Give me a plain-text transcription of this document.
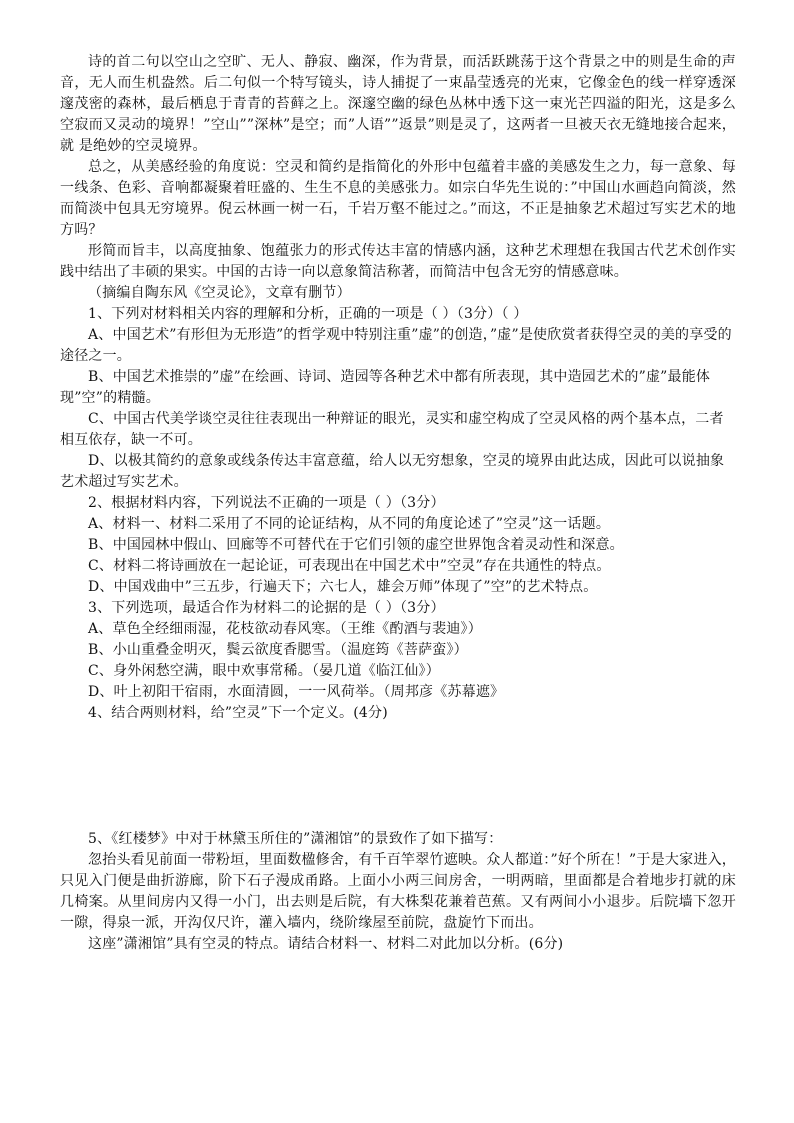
诗的首二句以空山之空旷、无人、静寂、幽深，作为背景，而活跃跳荡于这个背景之中的则是生命的声音，无人而生机盎然。后二句似一个特写镜头，诗人捕捉了一束晶莹透亮的光束，它像金色的线一样穿透深邃茂密的森林，最后栖息于青青的苔藓之上。深邃空幽的绿色丛林中透下这一束光芒四溢的阳光，这是多么空寂而又灵动的境界！”空山””深林”是空；而”人语””返景”则是灵了，这两者一旦被天衣无缝地接合起来，就 是绝妙的空灵境界。

总之，从美感经验的角度说：空灵和简约是指简化的外形中包蕴着丰盛的美感发生之力，每一意象、每一线条、色彩、音响都凝聚着旺盛的、生生不息的美感张力。如宗白华先生说的：”中国山水画趋向简淡，然而简淡中包具无穷境界。倪云林画一树一石，千岩万壑不能过之。”而这，不正是抽象艺术超过写实艺术的地方吗？

形简而旨丰，以高度抽象、饱蕴张力的形式传达丰富的情感内涵，这种艺术理想在我国古代艺术创作实践中结出了丰硕的果实。中国的古诗一向以意象简洁称著，而简洁中包含无穷的情感意味。

（摘编自陶东风《空灵论》，文章有删节）

1、下列对材料相关内容的理解和分析，正确的一项是（ ）（3分）（ ）

A、中国艺术”有形但为无形造”的哲学观中特别注重”虚”的创造，”虚”是使欣赏者获得空灵的美的享受的途径之一。

B、中国艺术推崇的”虚”在绘画、诗词、造园等各种艺术中都有所表现，其中造园艺术的”虚”最能体现”空”的精髓。

C、中国古代美学谈空灵往往表现出一种辩证的眼光，灵实和虚空构成了空灵风格的两个基本点，二者相互依存，缺一不可。

D、以极其简约的意象或线条传达丰富意蕴，给人以无穷想象，空灵的境界由此达成，因此可以说抽象艺术超过写实艺术。

2、根据材料内容，下列说法不正确的一项是（ ）（3分）

A、材料一、材料二采用了不同的论证结构，从不同的角度论述了”空灵”这一话题。

B、中国园林中假山、回廊等不可替代在于它们引领的虚空世界饱含着灵动性和深意。

C、材料二将诗画放在一起论证，可表现出在中国艺术中”空灵”存在共通性的特点。

D、中国戏曲中”三五步，行遍天下；六七人，雄会万师”体现了”空”的艺术特点。

3、下列选项，最适合作为材料二的论据的是（ ）（3分）

A、草色全经细雨湿，花枝欲动春风寒。（王维《酌酒与裴迪》）

B、小山重叠金明灭，鬓云欲度香腮雪。（温庭筠《菩萨蛮》）

C、身外闲愁空满，眼中欢事常稀。（晏几道《临江仙》）

D、叶上初阳干宿雨，水面清圆，一一风荷举。（周邦彦《苏幕遮》

4、结合两则材料，给”空灵”下一个定义。(4分)

5、《红楼梦》中对于林黛玉所住的”潇湘馆”的景致作了如下描写：

忽抬头看见前面一带粉垣，里面数楹修舍，有千百竿翠竹遮映。众人都道：”好个所在！”于是大家进入，只见入门便是曲折游廊，阶下石子漫成甬路。上面小小两三间房舍，一明两暗，里面都是合着地步打就的床几椅案。从里间房内又得一小门，出去则是后院，有大株梨花兼着芭蕉。又有两间小小退步。后院墙下忽开一隙，得泉一派，开沟仅尺许，灌入墙内，绕阶缘屋至前院，盘旋竹下而出。

这座”潇湘馆”具有空灵的特点。请结合材料一、材料二对此加以分析。(6分)
